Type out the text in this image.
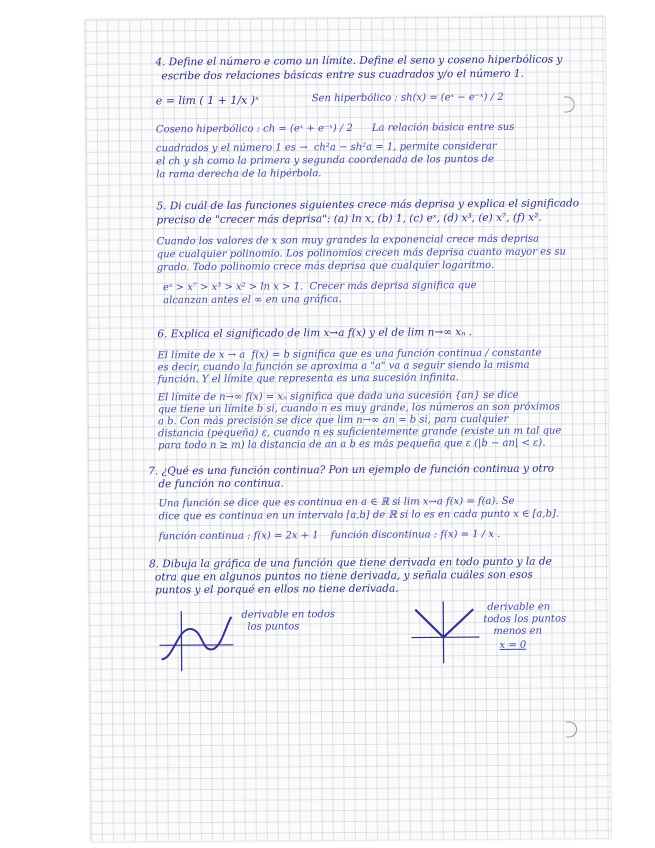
4. Define el número e como un límite. Define el seno y coseno hiperbólicos y
escribe dos relaciones básicas entre sus cuadrados y/o el número 1.
e = lim ( 1 + 1/x )ˣ	Sen hiperbólico : sh(x) = (eˣ − e⁻ˣ) / 2
Coseno hiperbólico : ch = (eˣ + e⁻ˣ) / 2      La relación básica entre sus
cuadrados y el número 1 es →  ch²a − sh²a = 1, permite considerar
el ch y sh como la primera y segunda coordenada de los puntos de
la rama derecha de la hipérbola.
5. Di cuál de las funciones siguientes crece más deprisa y explica el significado
preciso de "crecer más deprisa": (a) ln x, (b) 1, (c) eˣ, (d) x³, (e) x⁷, (f) x².
Cuando los valores de x son muy grandes la exponencial crece más deprisa
que cualquier polinomio. Los polinomios crecen más deprisa cuanto mayor es su
grado. Todo polinomio crece más deprisa que cualquier logaritmo.
eˣ > x⁷ > x³ > x² > ln x > 1.  Crecer más deprisa significa que
alcanzan antes el ∞ en una gráfica.
6. Explica el significado de lim x→a f(x) y el de lim n→∞ xₙ .
El límite de x → a  f(x) = b significa que es una función continua / constante
es decir, cuando la función se aproxima a "a" va a seguir siendo la misma
función. Y el límite que representa es una sucesión infinita.
El límite de n→∞ f(x) = xₙ significa que dada una sucesión {an} se dice
que tiene un límite b si, cuando n es muy grande, los números an son próximos
a b. Con más precisión se dice que lim n→∞ an = b si, para cualquier
distancia (pequeña) ε, cuando n es suficientemente grande (existe un m tal que
para todo n ≥ m) la distancia de an a b es más pequeña que ε (|b − an| < ε).
7. ¿Qué es una función continua? Pon un ejemplo de función continua y otro
de función no continua.
Una función se dice que es continua en a ∈ ℝ si lim x→a f(x) = f(a). Se
dice que es continua en un intervalo [a,b] de ℝ si lo es en cada punto x ∈ [a,b].
función continua : f(x) = 2x + 1 función discontinua : f(x) = 1 / x .
8. Dibuja la gráfica de una función que tiene derivada en todo punto y la de
otra que en algunos puntos no tiene derivada, y señala cuáles son esos
puntos y el porqué en ellos no tiene derivada.
derivable en todos
los puntos
derivable en
todos los puntos
menos en
x = 0
